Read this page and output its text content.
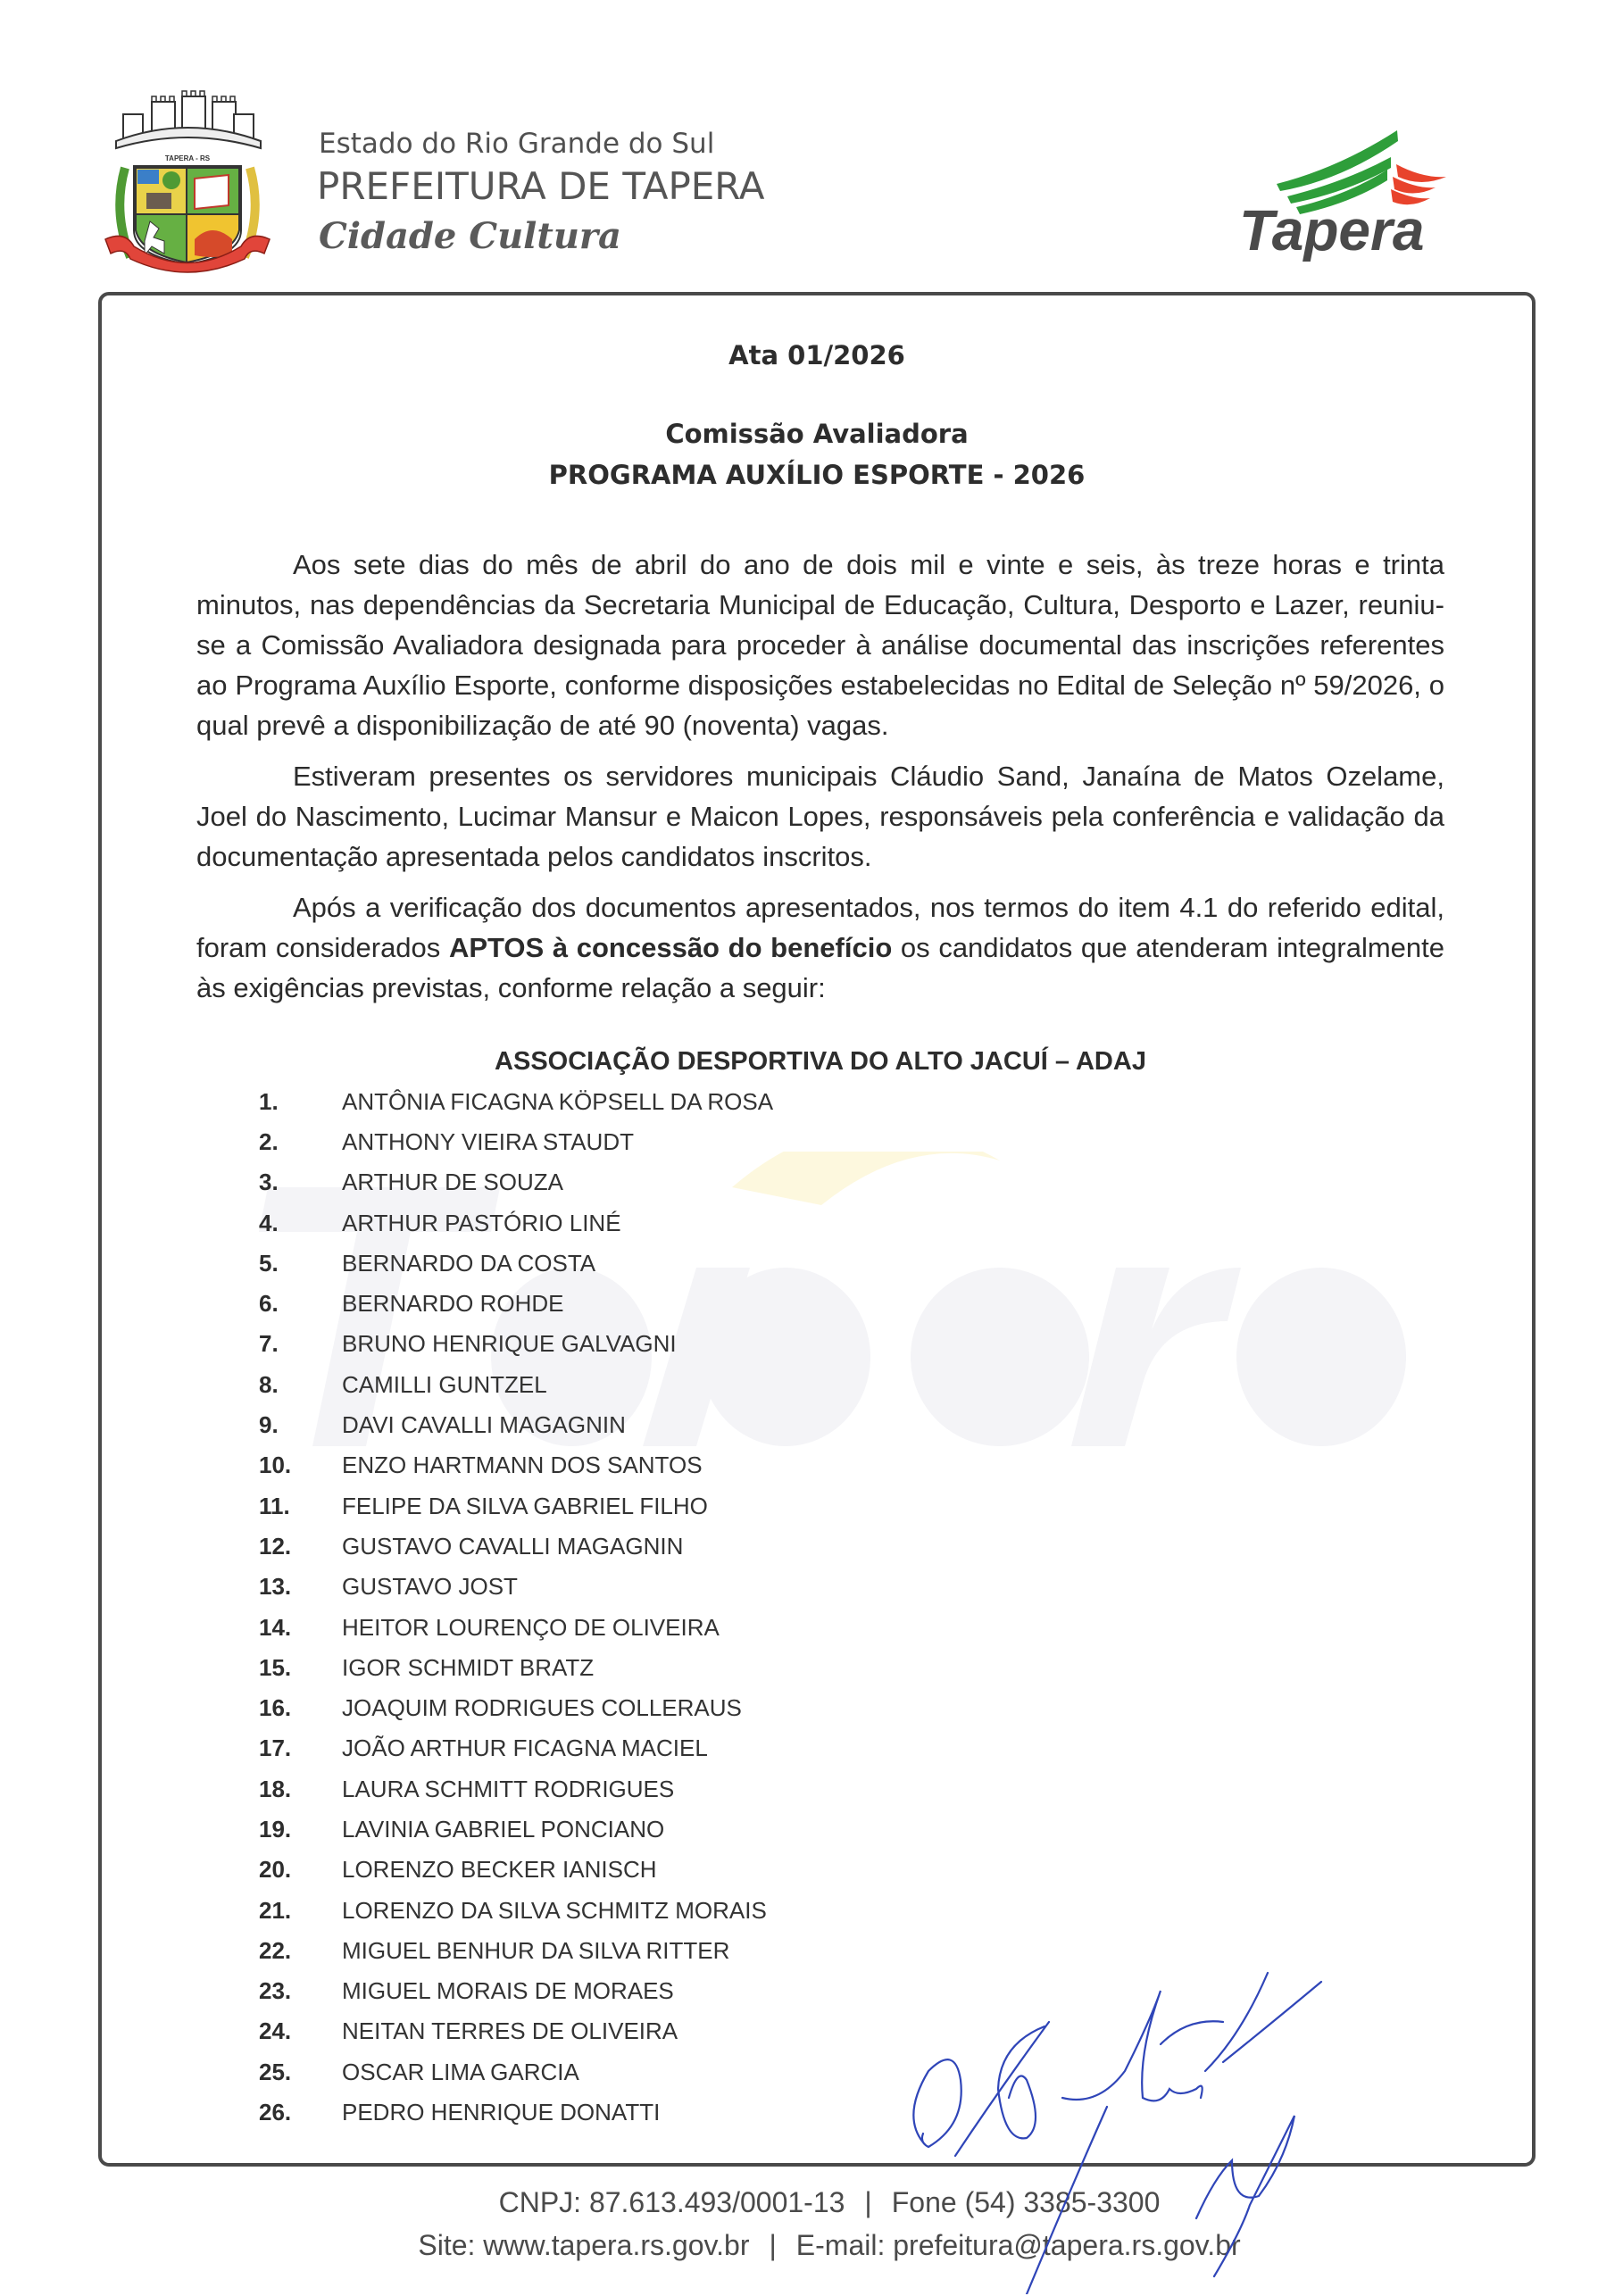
TAPERA - RS	Estado do Rio Grande do Sul
PREFEITURA DE TAPERA
Cidade Cultura	Tapera
Ata 01/2026
Comissão Avaliadora
PROGRAMA AUXÍLIO ESPORTE - 2026

Aos sete dias do mês de abril do ano de dois mil e vinte e seis, às treze horas e trinta minutos, nas dependências da Secretaria Municipal de Educação, Cultura, Desporto e Lazer, reuniu-se a Comissão Avaliadora designada para proceder à análise documental das inscrições referentes ao Programa Auxílio Esporte, conforme disposições estabelecidas no Edital de Seleção nº 59/2026, o qual prevê a disponibilização de até 90 (noventa) vagas.

Estiveram presentes os servidores municipais Cláudio Sand, Janaína de Matos Ozelame, Joel do Nascimento, Lucimar Mansur e Maicon Lopes, responsáveis pela conferência e validação da documentação apresentada pelos candidatos inscritos.

Após a verificação dos documentos apresentados, nos termos do item 4.1 do referido edital, foram considerados APTOS à concessão do benefício os candidatos que atenderam integralmente às exigências previstas, conforme relação a seguir:

ASSOCIAÇÃO DESPORTIVA DO ALTO JACUÍ – ADAJ
1.	ANTÔNIA FICAGNA KÖPSELL DA ROSA
2.	ANTHONY VIEIRA STAUDT
3.	ARTHUR DE SOUZA
4.	ARTHUR PASTÓRIO LINÉ
5.	BERNARDO DA COSTA
6.	BERNARDO ROHDE
7.	BRUNO HENRIQUE GALVAGNI
8.	CAMILLI GUNTZEL
9.	DAVI CAVALLI MAGAGNIN
10.	ENZO HARTMANN DOS SANTOS
11.	FELIPE DA SILVA GABRIEL FILHO
12.	GUSTAVO CAVALLI MAGAGNIN
13.	GUSTAVO JOST
14.	HEITOR LOURENÇO DE OLIVEIRA
15.	IGOR SCHMIDT BRATZ
16.	JOAQUIM RODRIGUES COLLERAUS
17.	JOÃO ARTHUR FICAGNA MACIEL
18.	LAURA SCHMITT RODRIGUES
19.	LAVINIA GABRIEL PONCIANO
20.	LORENZO BECKER IANISCH
21.	LORENZO DA SILVA SCHMITZ MORAIS
22.	MIGUEL BENHUR DA SILVA RITTER
23.	MIGUEL MORAIS DE MORAES
24.	NEITAN TERRES DE OLIVEIRA
25.	OSCAR LIMA GARCIA
26.	PEDRO HENRIQUE DONATTI
CNPJ: 87.613.493/0001-13 | Fone (54) 3385-3300
Site: www.tapera.rs.gov.br | E-mail: prefeitura@tapera.rs.gov.br
